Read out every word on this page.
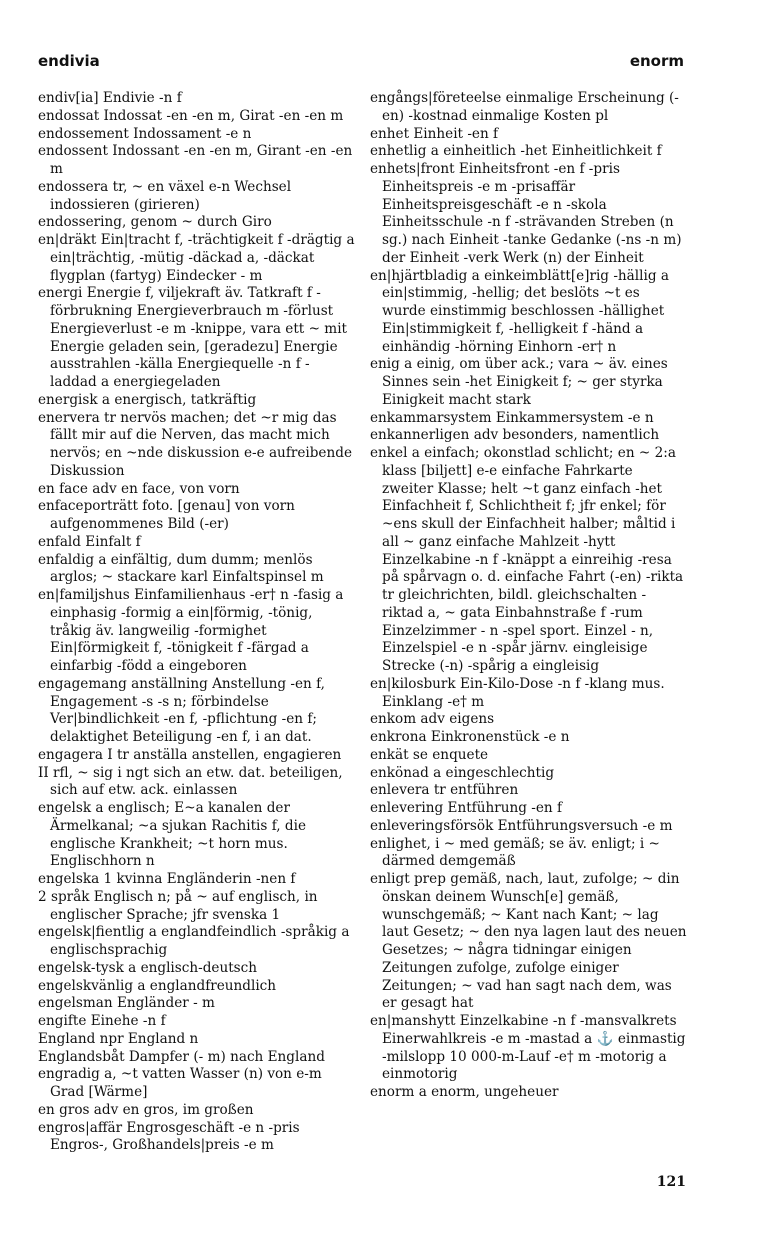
endivia	enorm

endiv[ia] Endivie -n f

endossat Indossat -en -en m, Girat -en -en m

endossement Indossament -e n

endossent Indossant -en -en m, Girant -en -en m

endossera tr, ~ en växel e-n Wechsel indossieren (girieren)

endossering, genom ~ durch Giro

en|dräkt Ein|tracht f, -trächtigkeit f -drägtig a ein|trächtig, -mütig -däckad a, -däckat flygplan (fartyg) Eindecker - m

energi Energie f, viljekraft äv. Tatkraft f -förbrukning Energieverbrauch m -förlust Energieverlust -e m -knippe, vara ett ~ mit Energie geladen sein, [geradezu] Energie ausstrahlen -källa Energiequelle -n f -laddad a energiegeladen

energisk a energisch, tatkräftig

enervera tr nervös machen; det ~r mig das fällt mir auf die Nerven, das macht mich nervös; en ~nde diskussion e-e aufreibende Diskussion

en face adv en face, von vorn

enfaceporträtt foto. [genau] von vorn aufgenommenes Bild (-er)

enfald Einfalt f

enfaldig a einfältig, dum dumm; menlös arglos; ~ stackare karl Einfaltspinsel m

en|familjshus Einfamilienhaus -er† n -fasig a einphasig -formig a ein|förmig, -tönig, tråkig äv. langweilig -formighet Ein|förmigkeit f, -tönigkeit f -färgad a einfarbig -född a eingeboren

engagemang anställning Anstellung -en f, Engagement -s -s n; förbindelse Ver|bindlichkeit -en f, -pflichtung -en f; delaktighet Beteiligung -en f, i an dat.

engagera I tr anställa anstellen, engagieren

II rfl, ~ sig i ngt sich an etw. dat. beteiligen, sich auf etw. ack. einlassen

engelsk a englisch; E~a kanalen der Ärmelkanal; ~a sjukan Rachitis f, die englische Krankheit; ~t horn mus. Englischhorn n

engelska 1 kvinna Engländerin -nen f

2 språk Englisch n; på ~ auf englisch, in englischer Sprache; jfr svenska 1

engelsk|fientlig a englandfeindlich -språkig a englischsprachig

engelsk-tysk a englisch-deutsch

engelskvänlig a englandfreundlich

engelsman Engländer - m

engifte Einehe -n f

England npr England n

Englandsbåt Dampfer (- m) nach England

engradig a, ~t vatten Wasser (n) von e-m Grad [Wärme]

en gros adv en gros, im großen

engros|affär Engrosgeschäft -e n -pris Engros-, Großhandels|preis -e m

engångs|företeelse einmalige Erscheinung (-en) -kostnad einmalige Kosten pl

enhet Einheit -en f

enhetlig a einheitlich -het Einheitlichkeit f

enhets|front Einheitsfront -en f -pris Einheitspreis -e m -prisaffär Einheitspreisgeschäft -e n -skola Einheitsschule -n f -strävanden Streben (n sg.) nach Einheit -tanke Gedanke (-ns -n m) der Einheit -verk Werk (n) der Einheit

en|hjärtbladig a einkeimblätt[e]rig -hällig a ein|stimmig, -hellig; det beslöts ~t es wurde einstimmig beschlossen -hällighet Ein|stimmigkeit f, -helligkeit f -händ a einhändig -hörning Einhorn -er† n

enig a einig, om über ack.; vara ~ äv. eines Sinnes sein -het Einigkeit f; ~ ger styrka Einigkeit macht stark

enkammarsystem Einkammersystem -e n

enkannerligen adv besonders, namentlich

enkel a einfach; okonstlad schlicht; en ~ 2:a klass [biljett] e-e einfache Fahrkarte zweiter Klasse; helt ~t ganz einfach -het Einfachheit f, Schlichtheit f; jfr enkel; för ~ens skull der Einfachheit halber; måltid i all ~ ganz einfache Mahlzeit -hytt Einzelkabine -n f -knäppt a einreihig -resa på spårvagn o. d. einfache Fahrt (-en) -rikta tr gleichrichten, bildl. gleichschalten -riktad a, ~ gata Einbahnstraße f -rum Einzelzimmer - n -spel sport. Einzel - n, Einzelspiel -e n -spår järnv. eingleisige Strecke (-n) -spårig a eingleisig

en|kilosburk Ein-Kilo-Dose -n f -klang mus. Einklang -e† m

enkom adv eigens

enkrona Einkronenstück -e n

enkät se enquete

enkönad a eingeschlechtig

enlevera tr entführen

enlevering Entführung -en f

enleveringsförsök Entführungsversuch -e m

enlighet, i ~ med gemäß; se äv. enligt; i ~ därmed demgemäß

enligt prep gemäß, nach, laut, zufolge; ~ din önskan deinem Wunsch[e] gemäß, wunschgemäß; ~ Kant nach Kant; ~ lag laut Gesetz; ~ den nya lagen laut des neuen Gesetzes; ~ några tidningar einigen Zeitungen zufolge, zufolge einiger Zeitungen; ~ vad han sagt nach dem, was er gesagt hat

en|manshytt Einzelkabine -n f -mansvalkrets Einerwahlkreis -e m -mastad a ⚓ einmastig -milslopp 10 000-m-Lauf -e† m -motorig a einmotorig

enorm a enorm, ungeheuer

121
